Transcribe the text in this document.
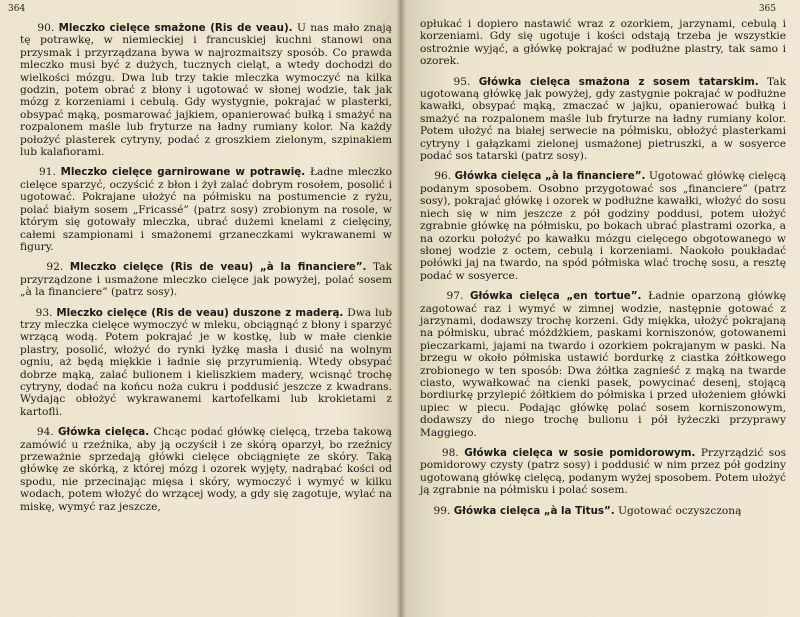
364

90. Mleczko cielęce smażone (Ris de veau). U nas mało znają tę potrawkę, w niemieckiej i francuskiej kuchni stanowi ona przysmak i przyrządzana bywa w najrozmaitszy sposób. Co prawda mleczko musi być z dużych, tucznych cieląt, a wtedy dochodzi do wielkości mózgu. Dwa lub trzy takie mleczka wymoczyć na kilka godzin, potem obrać z błony i ugotować w słonej wodzie, tak jak mózg z korzeniami i cebulą. Gdy wystygnie, pokrajać w plasterki, obsypać mąką, posmarować jajkiem, opanierować bułką i smażyć na rozpalonem maśle lub fryturze na ładny rumiany kolor. Na każdy położyć plasterek cytryny, podać z groszkiem zielonym, szpinakiem lub kalafiorami.

91. Mleczko cielęce garnirowane w potrawię. Ładne mleczko cielęce sparzyć, oczyścić z błon i żył zalać dobrym rosołem, posolić i ugotować. Pokrajane ułożyć na półmisku na postumencie z ryżu, polać białym sosem „Fricassé” (patrz sosy) zrobionym na rosole, w którym się gotowały mleczka, ubrać dużemi knelami z cielęciny, całemi szampionami i smażonemi grzaneczkami wykrawanemi w figury.

92. Mleczko cielęce (Ris de veau) „à la financiere”. Tak przyrządzone i usmażone mleczko cielęce jak powyżej, polać sosem „à la financiere” (patrz sosy).

93. Mleczko cielęce (Ris de veau) duszone z maderą. Dwa lub trzy mleczka cielęce wymoczyć w mleku, obciągnąć z błony i sparzyć wrzącą wodą. Potem pokrajać je w kostkę, lub w małe cienkie plastry, posolić, włożyć do rynki łyżkę masła i dusić na wolnym ogniu, aż będą miękkie i ładnie się przyrumienią. Wtedy obsypać dobrze mąką, zalać bulionem i kieliszkiem madery, wcisnąć trochę cytryny, dodać na końcu noża cukru i poddusić jeszcze z kwadrans. Wydając obłożyć wykrawanemi kartofelkami lub krokietami z kartofli.

94. Główka cielęca. Chcąc podać główkę cielęcą, trzeba takową zamówić u rzeźnika, aby ją oczyścił i ze skórą oparzył, bo rzeźnicy przeważnie sprzedają główki cielęce obciągnięte ze skóry. Taką główkę ze skórką, z której mózg i ozorek wyjęty, nadrąbać kości od spodu, nie przecinając mięsa i skóry, wymoczyć i wymyć w kilku wodach, potem włożyć do wrzącej wody, a gdy się zagotuje, wylać na miskę, wymyć raz jeszcze,

365

opłukać i dopiero nastawić wraz z ozorkiem, jarzynami, cebulą i korzeniami. Gdy się ugotuje i kości odstają trzeba je wszystkie ostrożnie wyjąć, a główkę pokrajać w podłużne plastry, tak samo i ozorek.

95. Główka cielęca smażona z sosem tatarskim. Tak ugotowaną główkę jak powyżej, gdy zastygnie pokrajać w podłużne kawałki, obsypać mąką, zmaczać w jajku, opanierować bułką i smażyć na rozpalonem maśle lub fryturze na ładny rumiany kolor. Potem ułożyć na białej serwecie na półmisku, obłożyć plasterkami cytryny i gałązkami zielonej usmażonej pietruszki, a w sosyerce podać sos tatarski (patrz sosy).

96. Główka cielęca „à la financiere”. Ugotować główkę cielęcą podanym sposobem. Osobno przygotować sos „financiere” (patrz sosy), pokrajać główkę i ozorek w podłużne kawałki, włożyć do sosu niech się w nim jeszcze z pół godziny poddusi, potem ułożyć zgrabnie główkę na półmisku, po bokach ubrać plastrami ozorka, a na ozorku położyć po kawałku mózgu cielęcego obgotowanego w słonej wodzie z octem, cebulą i korzeniami. Naokoło poukładać połówki jaj na twardo, na spód półmiska wlać trochę sosu, a resztę podać w sosyerce.

97. Główka cielęca „en tortue”. Ładnie oparzoną główkę zagotować raz i wymyć w zimnej wodzie, następnie gotować z jarzynami, dodawszy trochę korzeni. Gdy miękka, ułożyć pokrajaną na półmisku, ubrać móżdżkiem, paskami korniszonów, gotowanemi pieczarkami, jajami na twardo i ozorkiem pokrajanym w paski. Na brzegu w około półmiska ustawić bordurkę z ciastka żółtkowego zrobionego w ten sposób: Dwa żółtka zagnieść z mąką na twarde ciasto, wywałkować na cienki pasek, powycinać desenį, stojącą bordiurkę przylepić żółtkiem do półmiska i przed ułożeniem główki upiec w piecu. Podając główkę polać sosem korniszonowym, dodawszy do niego trochę bulionu i pół łyżeczki przyprawy Maggiego.

98. Główka cielęca w sosie pomidorowym. Przyrządzić sos pomidorowy czysty (patrz sosy) i poddusić w nim przez pół godziny ugotowaną główkę cielęcą, podanym wyżej sposobem. Potem ułożyć ją zgrabnie na półmisku i polać sosem.

99. Główka cielęca „à la Titus”. Ugotować oczyszczoną
